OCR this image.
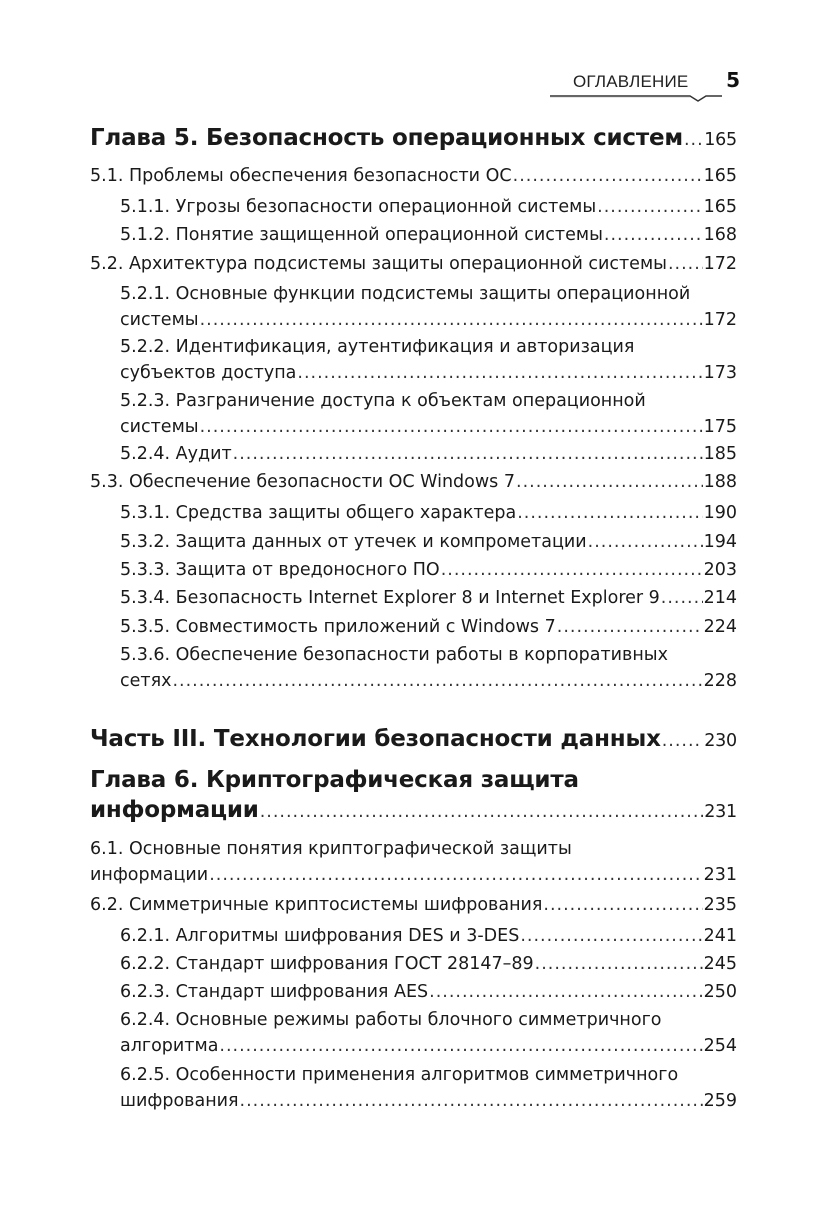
ОГЛАВЛЕНИЕ 5
Глава 5. Безопасность операционных систем ..... 165
5.1. Проблемы обеспечения безопасности ОС .....	165
5.1.1. Угрозы безопасности операционной системы .....	165
5.1.2. Понятие защищенной операционной системы .....	168
5.2. Архитектура подсистемы защиты операционной системы ..... 172
5.2.1. Основные функции подсистемы защиты операционной
системы .....	172
5.2.2. Идентификация, аутентификация и авторизация
субъектов доступа .....	173
5.2.3. Разграничение доступа к объектам операционной
системы .....	175
5.2.4. Аудит .....	185
5.3. Обеспечение безопасности ОС Windows 7 .....	188
5.3.1. Средства защиты общего характера .....	190
5.3.2. Защита данных от утечек и компрометации .....	194
5.3.3. Защита от вредоносного ПО .....	203
5.3.4. Безопасность Internet Explorer 8 и Internet Explorer 9 .....	214
5.3.5. Совместимость приложений с Windows 7 .....	224
5.3.6. Обеспечение безопасности работы в корпоративных
сетях .....	228
Часть III. Технологии безопасности данных ..... 230
Глава 6. Криптографическая защита
информации .....	231
6.1. Основные понятия криптографической защиты
информации .....	231
6.2. Симметричные криптосистемы шифрования .....	235
6.2.1. Алгоритмы шифрования DES и 3-DES .....	241
6.2.2. Стандарт шифрования ГОСТ 28147–89 .....	245
6.2.3. Стандарт шифрования AES .....	250
6.2.4. Основные режимы работы блочного симметричного
алгоритма .....	254
6.2.5. Особенности применения алгоритмов симметричного
шифрования .....	259
